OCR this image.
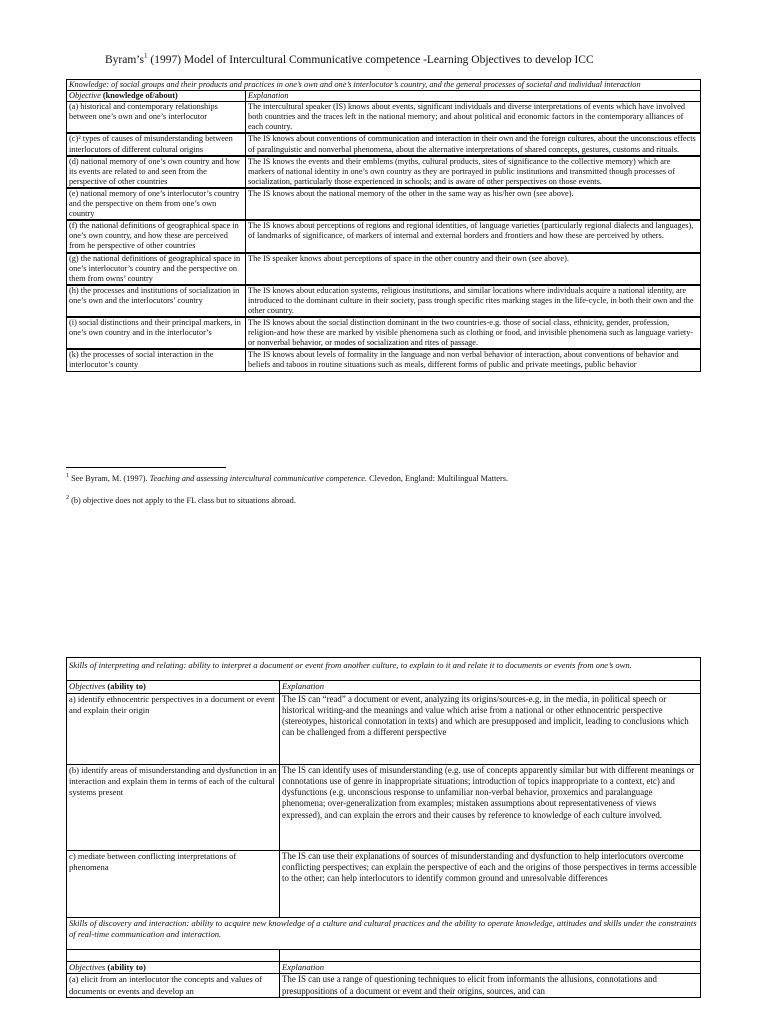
$Byram’s^1$ (1997) Model of Intercultural Communicative competence -Learning Objectives to develop ICC
Knowledge: of social groups and their products and practices in one’s own and one’s interlocutor’s country, and the general processes of societal and individual interaction	
Objective (knowledge of/about)	Explanation
(a) historical and contemporary relationships between one’s own and one’s interlocutor	The intercultural speaker (IS) knows about events, significant individuals and diverse interpretations of events which have involved both countries and the traces left in the national memory; and about political and economic factors in the contemporary alliances of each country.
(c)² types of causes of misunderstanding between interlocutors of different cultural origins	The IS knows about conventions of communication and interaction in their own and the foreign cultures, about the unconscious effects of paralinguistic and nonverbal phenomena, about the alternative interpretations of shared concepts, gestures, customs and rituals.
(d) national memory of one’s own country and how its events are related to and seen from the perspective of other countries	The IS knows the events and their emblems (myths, cultural products, sites of significance to the collective memory) which are markers of national identity in one’s own country as they are portrayed in public institutions and transmitted though processes of socialization, particularly those experienced in schools; and is aware of other perspectives on those events.
(e) national memory of one’s interlocutor’s country and the perspective on them from one’s own country	The IS knows about the national memory of the other in the same way as his/her own (see above).
(f) the national definitions of geographical space in one’s own country, and how these are perceived from he perspective of other countries	The IS knows about perceptions of regions and regional identities, of language varieties (particularly regional dialects and languages), of landmarks of significance, of markers of internal and external borders and frontiers and how these are perceived by others.
(g) the national definitions of geographical space in one’s interlocutor’s country and the perspective on them from owns’ country	The IS speaker knows about perceptions of space in the other country and their own (see above).
(h) the processes and institutions of socialization in one’s own and the interlocutors’ country	The IS knows about education systems, religious institutions, and similar locations where individuals acquire a national identity, are introduced to the dominant culture in their society, pass trough specific rites marking stages in the life-cycle, in both their own and the other country.
(i) social distinctions and their principal markers, in one’s own country and in the interlocutor’s	The IS knows about the social distinction dominant in the two countries-e.g. those of social class, ethnicity, gender, profession, religion-and how these are marked by visible phenomena such as clothing or food, and invisible phenomena such as language variety-or nonverbal behavior, or modes of socialization and rites of passage.
(k) the processes of social interaction in the interlocutor’s county	The IS knows about levels of formality in the language and non verbal behavior of interaction, about conventions of behavior and beliefs and taboos in routine situations such as meals, different forms of public and private meetings, public behavior
$^1$ See Byram, M. (1997). Teaching and assessing intercultural communicative competence. Clevedon, England: Multilingual Matters.
$^2$ (b) objective does not apply to the FL class but to situations abroad.
Skills of interpreting and relating: ability to interpret a document or event from another culture, to explain to it and relate it to documents or events from one’s own.	
Objectives (ability to)	Explanation
a) identify ethnocentric perspectives in a document or event and explain their origin	The IS can “read” a document or event, analyzing its origins/sources-e.g. in the media, in political speech or historical writing-and the meanings and value which arise from a national or other ethnocentric perspective (stereotypes, historical connotation in texts) and which are presupposed and implicit, leading to conclusions which can be challenged from a different perspective
(b) identify areas of misunderstanding and dysfunction in an interaction and explain them in terms of each of the cultural systems present	The IS can identify uses of misunderstanding (e.g. use of concepts apparently similar but with different meanings or connotations use of genre in inappropriate situations; introduction of topics inappropriate to a context, etc) and dysfunctions (e.g. unconscious response to unfamiliar non-verbal behavior, proxemics and paralanguage phenomena; over-generalization from examples; mistaken assumptions about representativeness of views expressed), and can explain the errors and their causes by reference to knowledge of each culture involved.
c) mediate between conflicting interpretations of phenomena	The IS can use their explanations of sources of misunderstanding and dysfunction to help interlocutors overcome conflicting perspectives; can explain the perspective of each and the origins of those perspectives in terms accessible to the other; can help interlocutors to identify common ground and unresolvable differences
Skills of discovery and interaction: ability to acquire new knowledge of a culture and cultural practices and the ability to operate knowledge, attitudes and skills under the constraints of real-time communication and interaction.	

Objectives (ability to)	Explanation
(a) elicit from an interlocutor the concepts and values of documents or events and develop an	The IS can use a range of questioning techniques to elicit from informants the allusions, connotations and presuppositions of a document or event and their origins, sources, and can
